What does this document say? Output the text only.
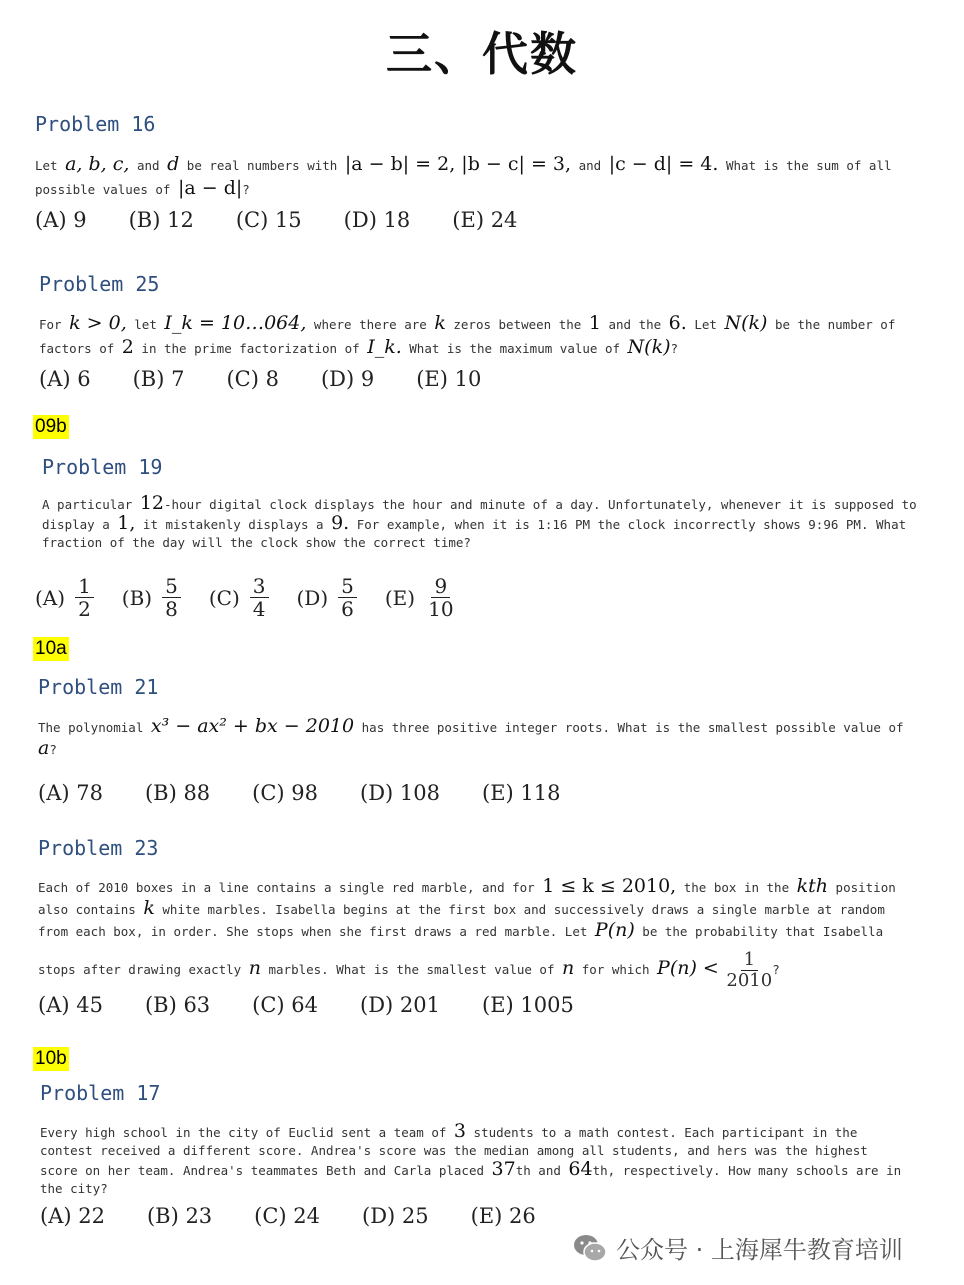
三、代数
Problem 16
Let a, b, c, and d be real numbers with |a − b| = 2, |b − c| = 3, and |c − d| = 4. What is the sum of all
possible values of |a − d|?
(A) 9 (B) 12 (C) 15 (D) 18 (E) 24
Problem 25
For k > 0, let I_k = 10…064, where there are k zeros between the 1 and the 6. Let N(k) be the number of
factors of 2 in the prime factorization of I_k. What is the maximum value of N(k)?
(A) 6 (B) 7 (C) 8 (D) 9 (E) 10
09b
Problem 19
A particular 12-hour digital clock displays the hour and minute of a day. Unfortunately, whenever it is supposed to
display a 1, it mistakenly displays a 9. For example, when it is 1:16 PM the clock incorrectly shows 9:96 PM. What
fraction of the day will the clock show the correct time?
$(A) \frac{1}{2} (B) \frac{5}{8} (C) \frac{3}{4} (D) \frac{5}{6} (E) \frac{9}{10}$
10a
Problem 21
The polynomial x³ − ax² + bx − 2010 has three positive integer roots. What is the smallest possible value of
a?
(A) 78 (B) 88 (C) 98 (D) 108 (E) 118
Problem 23
Each of 2010 boxes in a line contains a single red marble, and for 1 ≤ k ≤ 2010, the box in the kth position
also contains k white marbles. Isabella begins at the first box and successively draws a single marble at random
from each box, in order. She stops when she first draws a red marble. Let P(n) be the probability that Isabella
stops after drawing exactly n marbles. What is the smallest value of n for which $P(n) < \frac{1}{2010}$ ?
(A) 45 (B) 63 (C) 64 (D) 201 (E) 1005
10b
Problem 17
Every high school in the city of Euclid sent a team of 3 students to a math contest. Each participant in the
contest received a different score. Andrea's score was the median among all students, and hers was the highest
score on her team. Andrea's teammates Beth and Carla placed 37th and 64th, respectively. How many schools are in
the city?
(A) 22 (B) 23 (C) 24 (D) 25 (E) 26
公众号 · 上海犀牛教育培训
